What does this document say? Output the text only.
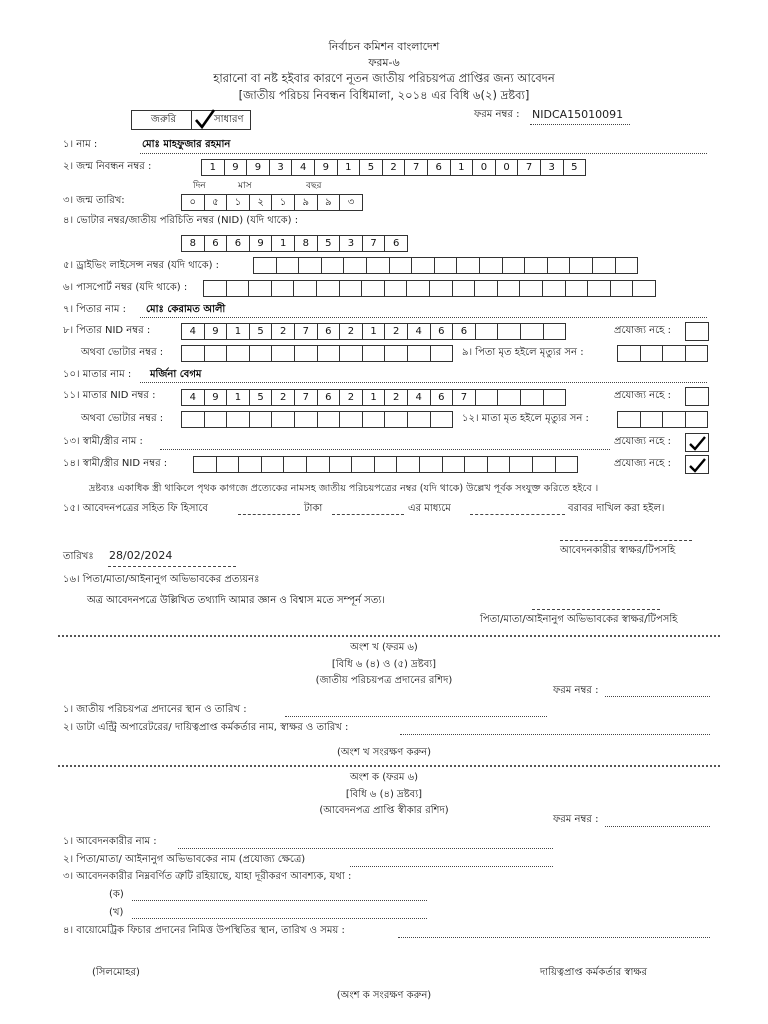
নির্বাচন কমিশন বাংলাদেশ
ফরম-৬
হারানো বা নষ্ট হইবার কারণে নূতন জাতীয় পরিচয়পত্র প্রাপ্তির জন্য আবেদন
[জাতীয় পরিচয় নিবন্ধন বিধিমালা, ২০১৪ এর বিধি ৬(২) দ্রষ্টব্য]
জরুরি	সাধারণ	ফরম নম্বর : NIDCA15010091
১। নাম :	মোঃ মাহফুজার রহমান
২। জন্ম নিবন্ধন নম্বর :	1	9	9	3	4	9	1	5	2	7	6	1	0	0	7	3	5
দিন	মাস	বছর
৩। জন্ম তারিখ:	০	৫	১	২	১	৯	৯	৩
৪। ভোটার নম্বর/জাতীয় পরিচিতি নম্বর (NID) (যদি থাকে) :
8	6	6	9	1	8	5	3	7	6
৫। ড্রাইভিং লাইসেন্স নম্বর (যদি থাকে) :
৬। পাসপোর্ট নম্বর (যদি থাকে) :
৭। পিতার নাম : মোঃ কেরামত আলী
৮। পিতার NID নম্বর :	4	9	1	5	2	7	6	2	1	2	4	6	6	প্রযোজ্য নহে :
অথবা ভোটার নম্বর :	৯। পিতা মৃত হইলে মৃত্যুর সন :
১০। মাতার নাম : মর্জিনা বেগম
১১। মাতার NID নম্বর :	4	9	1	5	2	7	6	2	1	2	4	6	7	প্রযোজ্য নহে :
অথবা ভোটার নম্বর :	১২। মাতা মৃত হইলে মৃত্যুর সন :
১৩। স্বামী/স্ত্রীর নাম :	প্রযোজ্য নহে :
১৪। স্বামী/স্ত্রীর NID নম্বর :	প্রযোজ্য নহে :
দ্রষ্টব্যঃ একাধিক স্ত্রী থাকিলে পৃথক কাগজে প্রত্যেকের নামসহ জাতীয় পরিচয়পত্রের নম্বর (যদি থাকে) উল্লেখ পূর্বক সংযুক্ত করিতে হইবে ।
১৫। আবেদনপত্রের সহিত ফি হিসাবে	টাকা	এর মাধ্যমে	বরাবর দাখিল করা হইল।
আবেদনকারীর স্বাক্ষর/টিপসহি
তারিখঃ 28/02/2024
১৬। পিতা/মাতা/আইনানুগ অভিভাবকের প্রত্যয়নঃ
অত্র আবেদনপত্রে উল্লিখিত তথ্যাদি আমার জ্ঞান ও বিশ্বাস মতে সম্পূর্ন সত্য।
পিতা/মাতা/আইনানুগ অভিভাবকের স্বাক্ষর/টিপসহি
অংশ খ (ফরম ৬)
[বিধি ৬ (৪) ও (৫) দ্রষ্টব্য]
(জাতীয় পরিচয়পত্র প্রদানের রশিদ)
ফরম নম্বর :
১। জাতীয় পরিচয়পত্র প্রদানের স্থান ও তারিখ :
২। ডাটা এন্ট্রি অপারেটরের/ দায়িত্বপ্রাপ্ত কর্মকর্তার নাম, স্বাক্ষর ও তারিখ :
(অংশ খ সংরক্ষণ করুন)
অংশ ক (ফরম ৬)
[বিধি ৬ (৪) দ্রষ্টব্য]
(আবেদনপত্র প্রাপ্তি স্বীকার রশিদ)
ফরম নম্বর :
১। আবেদনকারীর নাম :
২। পিতা/মাতা/ আইনানুগ অভিভাবকের নাম (প্রযোজ্য ক্ষেত্রে)
৩। আবেদনকারীর নিম্নবর্ণিত ত্রুটি রহিয়াছে, যাহা দূরীকরণ আবশ্যক, যথা :
(ক)
(খ)
৪। বায়োমেট্রিক ফিচার প্রদানের নিমিত্ত উপস্থিতির স্থান, তারিখ ও সময় :
(সিলমোহর)	দায়িত্বপ্রাপ্ত কর্মকর্তার স্বাক্ষর
(অংশ ক সংরক্ষণ করুন)
